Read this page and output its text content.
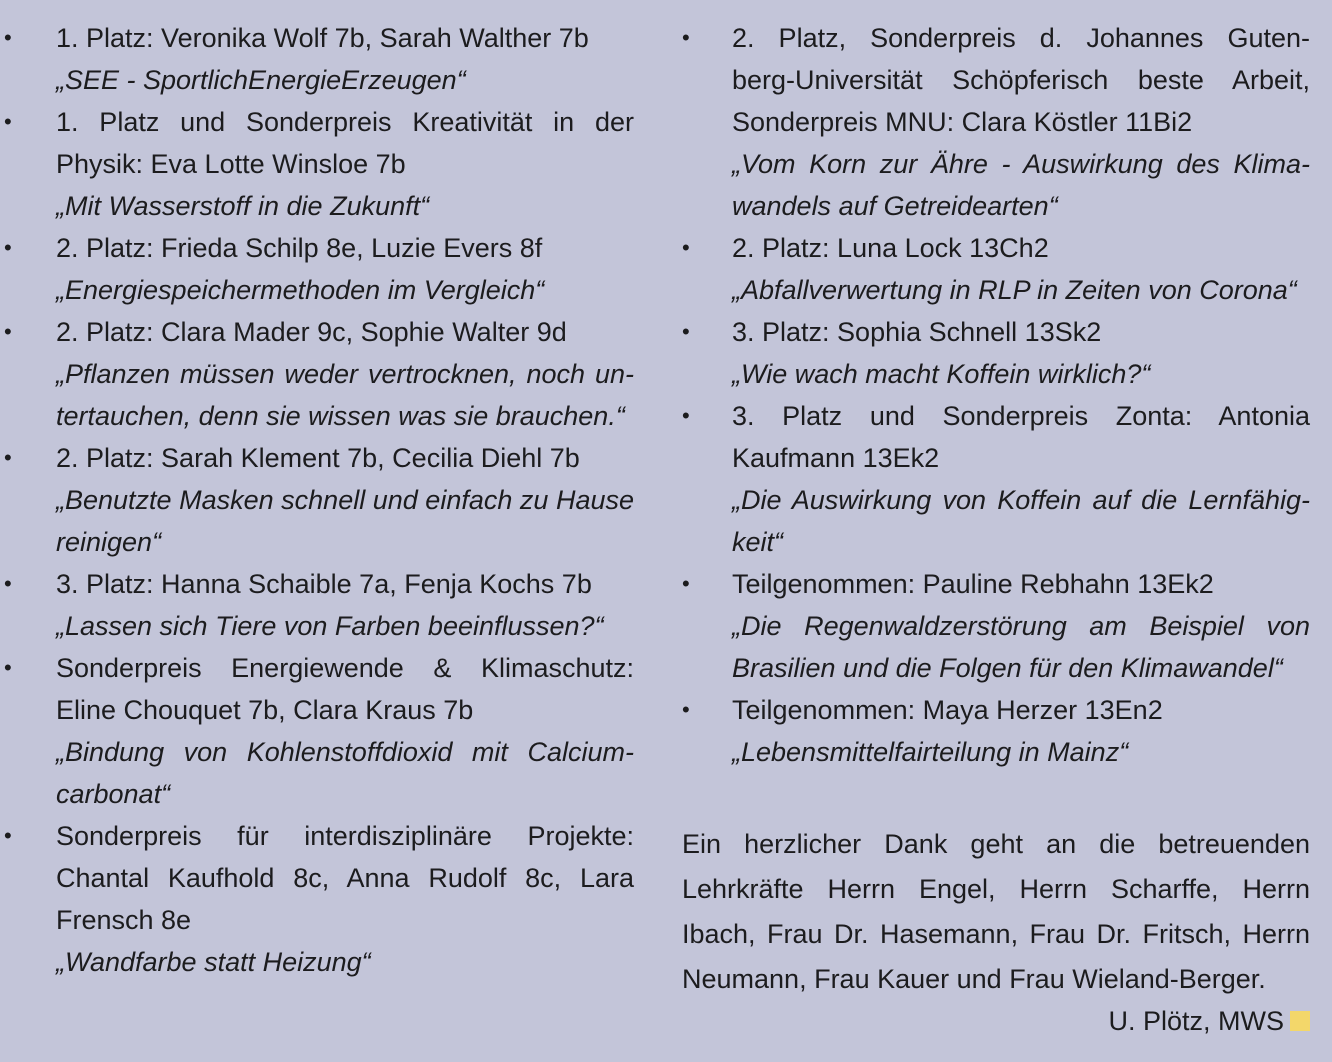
• 1. Platz: Veronika Wolf 7b, Sarah Walther 7b
„SEE - SportlichEnergieErzeugen“
• 1. Platz und Sonderpreis Kreativität in der
Physik: Eva Lotte Winsloe 7b
„Mit Wasserstoff in die Zukunft“
• 2. Platz: Frieda Schilp 8e, Luzie Evers 8f
„Energiespeichermethoden im Vergleich“
• 2. Platz: Clara Mader 9c, Sophie Walter 9d
„Pflanzen müssen weder vertrocknen, noch un-
tertauchen, denn sie wissen was sie brauchen.“
• 2. Platz: Sarah Klement 7b, Cecilia Diehl 7b
„Benutzte Masken schnell und einfach zu Hause
reinigen“
• 3. Platz: Hanna Schaible 7a, Fenja Kochs 7b
„Lassen sich Tiere von Farben beeinflussen?“
• Sonderpreis Energiewende & Klimaschutz:
Eline Chouquet 7b, Clara Kraus 7b
„Bindung von Kohlenstoffdioxid mit Calcium-
carbonat“
• Sonderpreis für interdisziplinäre Projekte:
Chantal Kaufhold 8c, Anna Rudolf 8c, Lara
Frensch 8e
„Wandfarbe statt Heizung“
• 2. Platz, Sonderpreis d. Johannes Guten-
berg-Universität Schöpferisch beste Arbeit,
Sonderpreis MNU: Clara Köstler 11Bi2
„Vom Korn zur Ähre - Auswirkung des Klima-
wandels auf Getreidearten“
• 2. Platz: Luna Lock 13Ch2
„Abfallverwertung in RLP in Zeiten von Corona“
• 3. Platz: Sophia Schnell 13Sk2
„Wie wach macht Koffein wirklich?“
• 3. Platz und Sonderpreis Zonta: Antonia
Kaufmann 13Ek2
„Die Auswirkung von Koffein auf die Lernfähig-
keit“
• Teilgenommen: Pauline Rebhahn 13Ek2
„Die Regenwaldzerstörung am Beispiel von
Brasilien und die Folgen für den Klimawandel“
• Teilgenommen: Maya Herzer 13En2
„Lebensmittelfairteilung in Mainz“
Ein herzlicher Dank geht an die betreuenden
Lehrkräfte Herrn Engel, Herrn Scharffe, Herrn
Ibach, Frau Dr. Hasemann, Frau Dr. Fritsch, Herrn
Neumann, Frau Kauer und Frau Wieland-Berger.
U. Plötz, MWS
